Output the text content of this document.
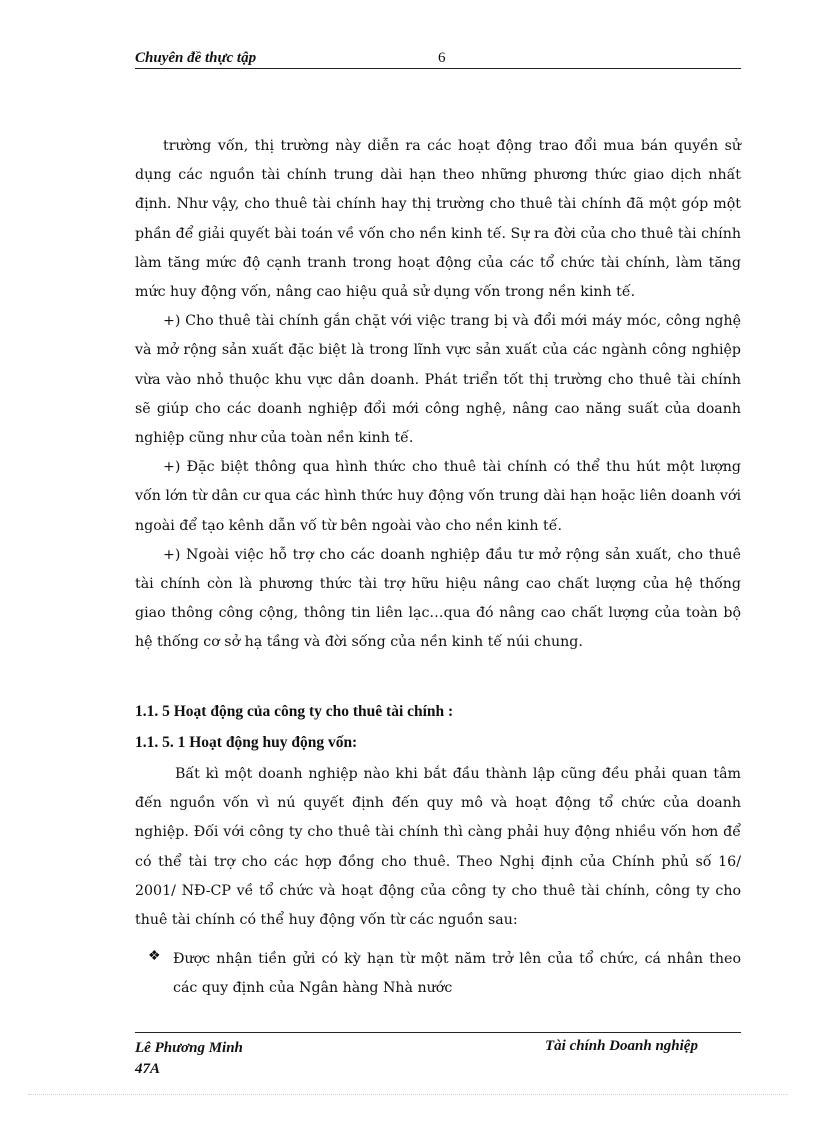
Chuyên đề thực tập	6

trường vốn, thị trường này diễn ra các hoạt động trao đổi mua bán quyền sử dụng các nguồn tài chính trung dài hạn theo những phương thức giao dịch nhất định. Như vậy, cho thuê tài chính hay thị trường cho thuê tài chính đã một góp một phần để giải quyết bài toán về vốn cho nền kinh tế. Sự ra đời của cho thuê tài chính làm tăng mức độ cạnh tranh trong hoạt động của các tổ chức tài chính, làm tăng mức huy động vốn, nâng cao hiệu quả sử dụng vốn trong nền kinh tế.

+) Cho thuê tài chính gắn chặt với việc trang bị và đổi mới máy móc, công nghệ và mở rộng sản xuất đặc biệt là trong lĩnh vực sản xuất của các ngành công nghiệp vừa vào nhỏ thuộc khu vực dân doanh. Phát triển tốt thị trường cho thuê tài chính sẽ giúp cho các doanh nghiệp đổi mới công nghệ, nâng cao năng suất của doanh nghiệp cũng như của toàn nền kinh tế.

+) Đặc biệt thông qua hình thức cho thuê tài chính có thể thu hút một lượng vốn lớn từ dân cư qua các hình thức huy động vốn trung dài hạn hoặc liên doanh với ngoài để tạo kênh dẫn vố từ bên ngoài vào cho nền kinh tế.

+) Ngoài việc hỗ trợ cho các doanh nghiệp đầu tư mở rộng sản xuất, cho thuê tài chính còn là phương thức tài trợ hữu hiệu nâng cao chất lượng của hệ thống giao thông công cộng, thông tin liên lạc…qua đó nâng cao chất lượng của toàn bộ hệ thống cơ sở hạ tầng và đời sống của nền kinh tế núi chung.

1.1. 5 Hoạt động của công ty cho thuê tài chính :
1.1. 5. 1 Hoạt động huy động vốn:

Bất kì một doanh nghiệp nào khi bắt đầu thành lập cũng đều phải quan tâm đến nguồn vốn vì nú quyết định đến quy mô và hoạt động tổ chức của doanh nghiệp. Đối với công ty cho thuê tài chính thì càng phải huy động nhiều vốn hơn để có thể tài trợ cho các hợp đồng cho thuê. Theo Nghị định của Chính phủ số 16/ 2001/ NĐ-CP về tổ chức và hoạt động của công ty cho thuê tài chính, công ty cho thuê tài chính có thể huy động vốn từ các nguồn sau:

❖ Được nhận tiền gửi có kỳ hạn từ một năm trở lên của tổ chức, cá nhân theo các quy định của Ngân hàng Nhà nước
Lê Phương Minh
47A
Tài chính Doanh nghiệp
